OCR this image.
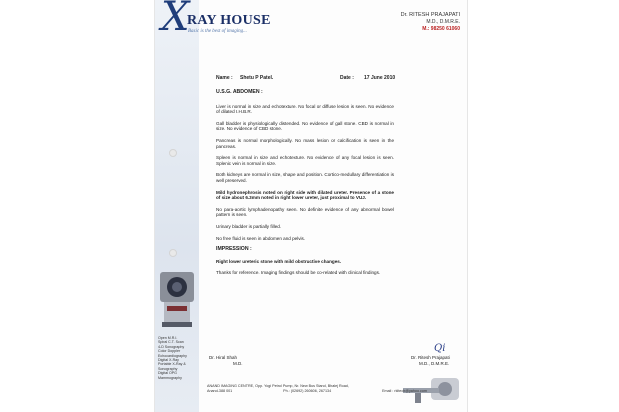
X
RAY HOUSE
Basic is the best of imaging...
Dr. RITESH PRAJAPATI
M.D., D.M.R.E.
M.: 98250 61060
Name : Shetu P Patel.	Date : 17 June 2010
U.S.G. ABDOMEN :

Liver is normal in size and echotexture. No focal or diffuse lesion is seen. No evidence of dilated I.H.B.R.

Gall bladder is physiologically distended. No evidence of gall stone. CBD is normal in size. No evidence of CBD stone.

Pancreas is normal morphologically. No mass lesion or calcification is seen in the pancreas.

Spleen is normal in size and echotexture. No evidence of any focal lesion is seen. Splenic vein is normal in size.

Both kidneys are normal in size, shape and position. Cortico-medullary differentiation is well preserved.

Mild hydronephrosis noted on right side with dilated ureter. Presence of a stone of size about 6.3mm noted in right lower ureter, just proximal to VUJ.

No para-aortic lymphadenopathy seen. No definite evidence of any abnormal bowel pattern is seen.

Urinary bladder is partially filled.

No free fluid is seen in abdomen and pelvis.

IMPRESSION :

Right lower ureteric stone with mild obstructive changes.

Thanks for reference. Imaging findings should be co-related with clinical findings.

Open M.R.I.
Spiral C.T. Scan
4-D Sonography
Color Doppler
Echocardiography
Digital X-Ray
Portable X-Ray &
Sonography
Digital OPG
Mammography
Dr. Hiral Shah
M.D.
Qi
Dr. Ritesh Prajapati
M.D., D.M.R.E.
ANAND IMAGING CENTRE, Opp. Yogi Petrol Pump, Nr. New Bus Stand, Bhalej Road,
Anand-388 001	Ph.: (02692) 260606, 267134	Email : rkltech@yahoo.com
